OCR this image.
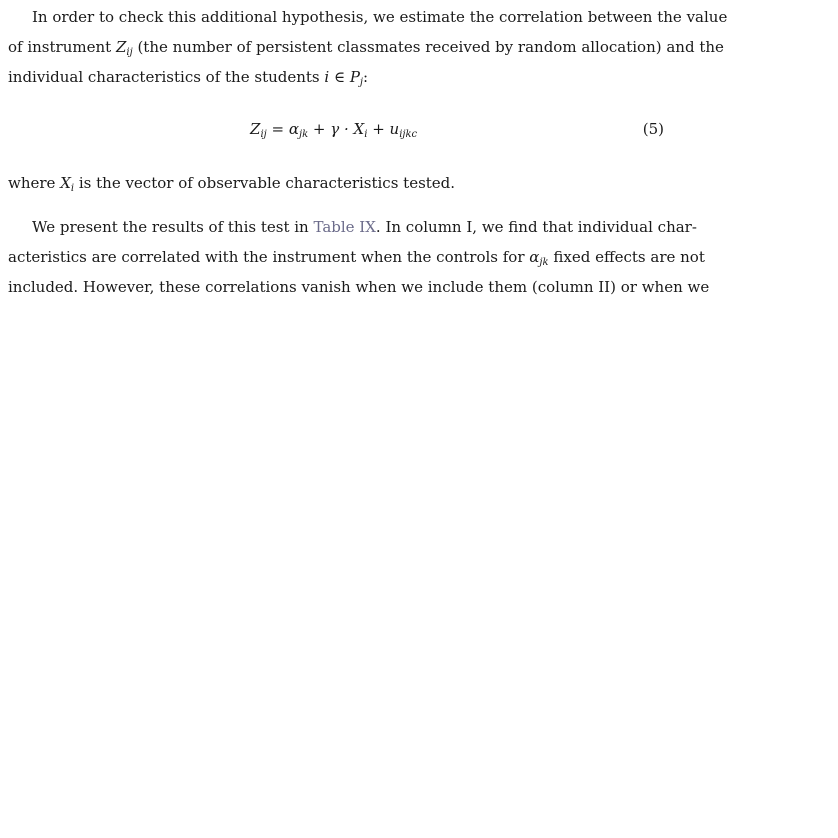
In order to check this additional hypothesis, we estimate the correlation between the value
of instrument $Z_{ij}$ (the number of persistent classmates received by random allocation) and the
individual characteristics of the students i ∈ $P_j$:

$Z_{ij} = \alpha_{jk} + \gamma \cdot X_i + u_{ijkc}$	(5)

where $X_i$ is the vector of observable characteristics tested.

We present the results of this test in Table IX. In column I, we find that individual char-
acteristics are correlated with the instrument when the controls for $\alpha_{jk}$ fixed effects are not
included. However, these correlations vanish when we include them (column II) or when we
